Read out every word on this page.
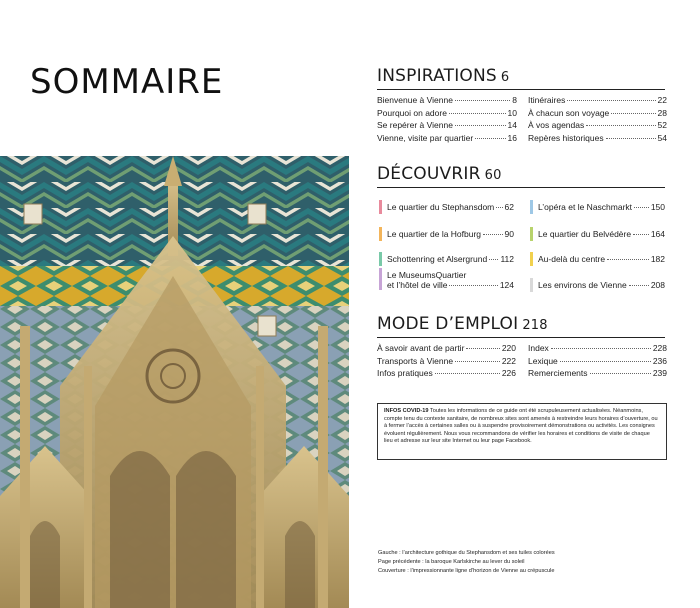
SOMMAIRE	INSPIRATIONS 6
Bienvenue à Vienne	8
Pourquoi on adore	10
Se repérer à Vienne	14
Vienne, visite par quartier	16
Itinéraires	22
À chacun son voyage	28
À vos agendas	52
Repères historiques	54
DÉCOUVRIR 60
Le quartier du Stephansdom 62	L’opéra et le Naschmarkt 150
Le quartier de la Hofburg	90	Le quartier du Belvédère 164
Schottenring et Alsergrund 112	Au-delà du centre	182
Le MuseumsQuartier
et l’hôtel de ville	124	Les environs de Vienne	208
MODE D’EMPLOI 218
À savoir avant de partir	220
Transports à Vienne	222
Infos pratiques	226
Index	228
Lexique	236
Remerciements	239
INFOS COVID-19 Toutes les informations de ce guide ont été scrupuleusement actualisées. Néanmoins, compte tenu du contexte sanitaire, de nombreux sites sont amenés à restreindre leurs horaires d’ouverture, ou à fermer l’accès à certaines salles ou à suspendre provisoirement démonstrations ou activités. Les consignes évoluent régulièrement. Nous vous recommandons de vérifier les horaires et conditions de visite de chaque lieu et adresse sur leur site Internet ou leur page Facebook.
Gauche : l’architecture gothique du Stephansdom et ses tuiles colorées
Page précédente : la baroque Karlskirche au lever du soleil
Couverture : l’impressionnante ligne d’horizon de Vienne au crépuscule
